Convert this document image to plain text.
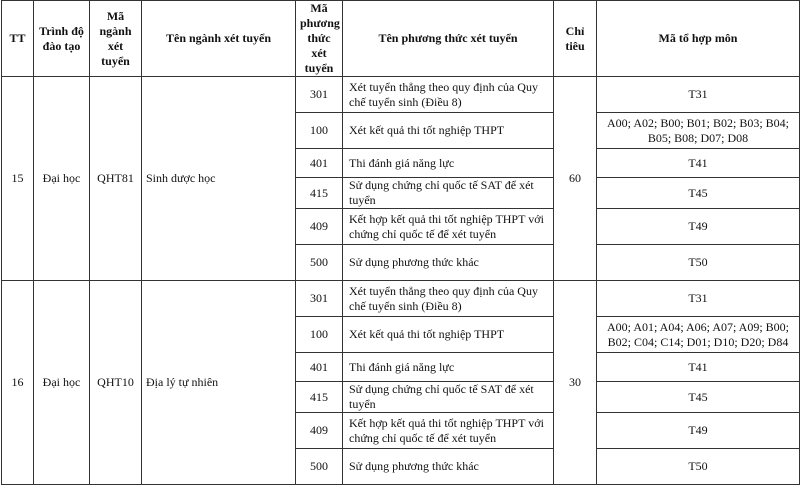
TT	Trình độ đào tạo	Mã ngành xét tuyển	Tên ngành xét tuyển	Mã phương thức xét tuyển	Tên phương thức xét tuyển	Chỉ tiêu	Mã tổ hợp môn
15	Đại học	QHT81	Sinh dược học	301	Xét tuyển thẳng theo quy định của Quy chế tuyển sinh (Điều 8)	60	T31
				100	Xét kết quả thi tốt nghiệp THPT		A00; A02; B00; B01; B02; B03; B04; B05; B08; D07; D08
				401	Thi đánh giá năng lực		T41
				415	Sử dụng chứng chỉ quốc tế SAT để xét tuyển		T45
				409	Kết hợp kết quả thi tốt nghiệp THPT với chứng chỉ quốc tế để xét tuyển		T49
				500	Sử dụng phương thức khác		T50
16	Đại học	QHT10	Địa lý tự nhiên	301	Xét tuyển thẳng theo quy định của Quy chế tuyển sinh (Điều 8)	30	T31
				100	Xét kết quả thi tốt nghiệp THPT		A00; A01; A04; A06; A07; A09; B00; B02; C04; C14; D01; D10; D20; D84
				401	Thi đánh giá năng lực		T41
				415	Sử dụng chứng chỉ quốc tế SAT để xét tuyển		T45
				409	Kết hợp kết quả thi tốt nghiệp THPT với chứng chỉ quốc tế để xét tuyển		T49
				500	Sử dụng phương thức khác		T50
